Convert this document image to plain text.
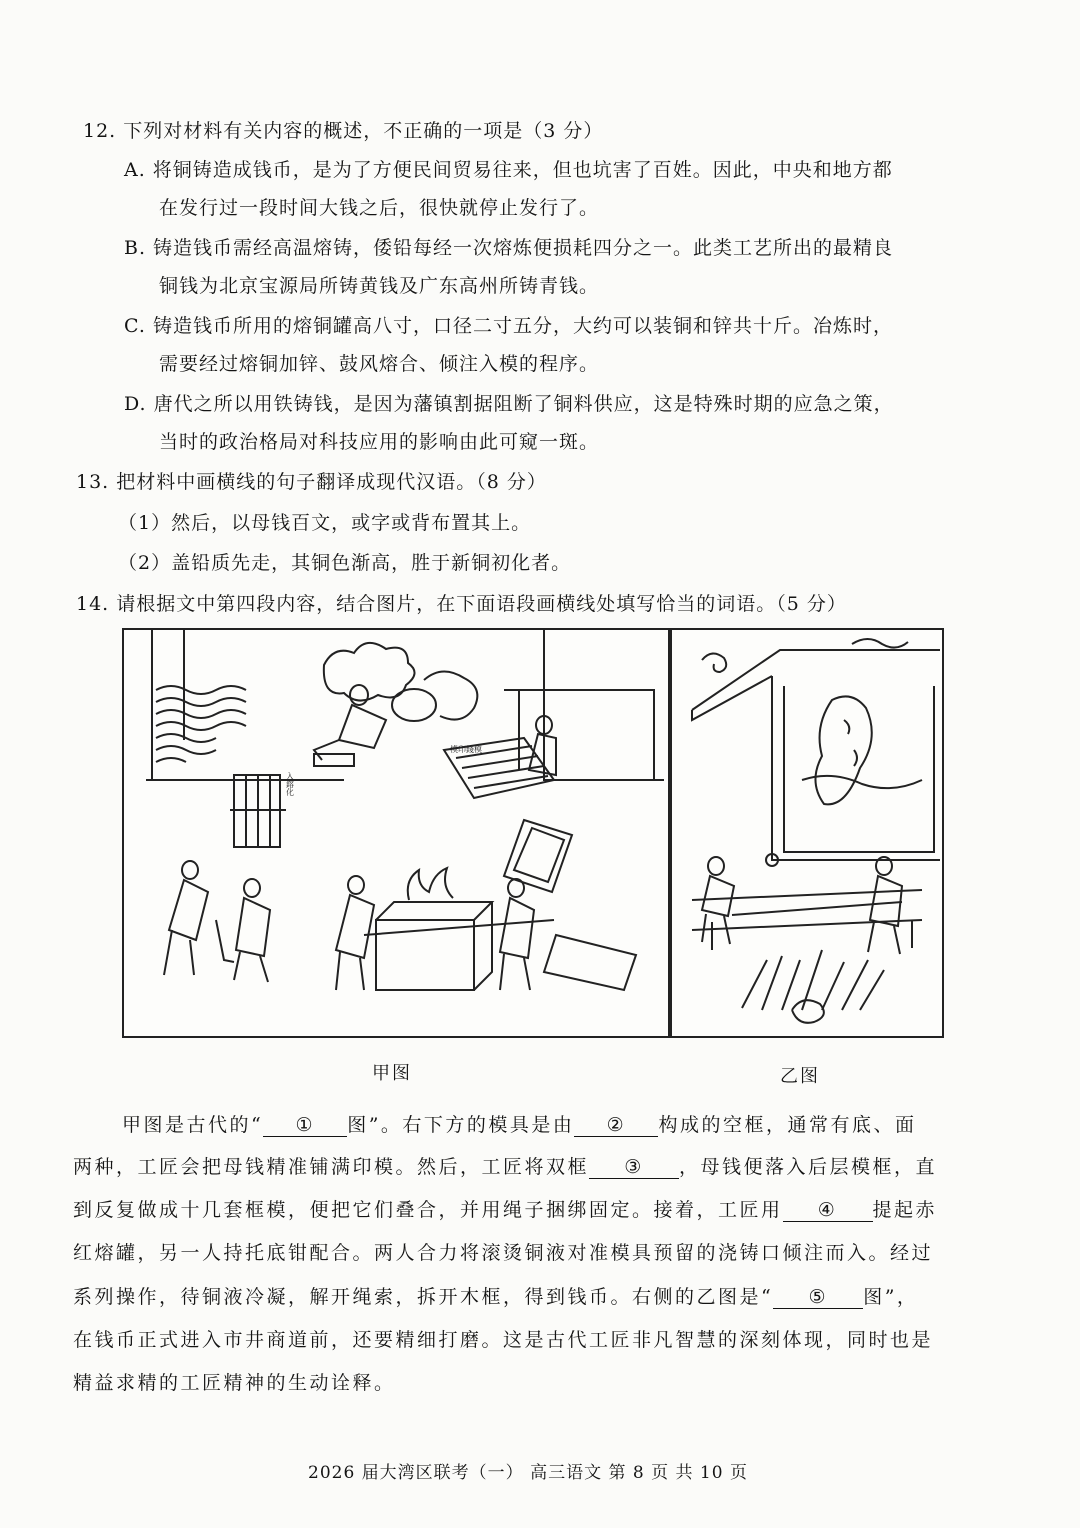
12. 下列对材料有关内容的概述，不正确的一项是（3 分）
A. 将铜铸造成钱币，是为了方便民间贸易往来，但也坑害了百姓。因此，中央和地方都
在发行过一段时间大钱之后，很快就停止发行了。
B. 铸造钱币需经高温熔铸，倭铅每经一次熔炼便损耗四分之一。此类工艺所出的最精良
铜钱为北京宝源局所铸黄钱及广东高州所铸青钱。
C. 铸造钱币所用的熔铜罐高八寸，口径二寸五分，大约可以装铜和锌共十斤。冶炼时，
需要经过熔铜加锌、鼓风熔合、倾注入模的程序。
D. 唐代之所以用铁铸钱，是因为藩镇割据阻断了铜料供应，这是特殊时期的应急之策，
当时的政治格局对科技应用的影响由此可窥一斑。
13. 把材料中画横线的句子翻译成现代汉语。（8 分）
（1）然后，以母钱百文，或字或背布置其上。
（2）盖铅质先走，其铜色渐高，胜于新铜初化者。
14. 请根据文中第四段内容，结合图片，在下面语段画横线处填写恰当的词语。（5 分）
入鎔化
模印錢模
甲图	乙图
甲图是古代的“ ① 图”。右下方的模具是由 ② 构成的空框，通常有底、面
两种，工匠会把母钱精准铺满印模。然后，工匠将双框 ③ ，母钱便落入后层模框，直
到反复做成十几套框模，便把它们叠合，并用绳子捆绑固定。接着，工匠用 ④ 提起赤
红熔罐，另一人持托底钳配合。两人合力将滚烫铜液对准模具预留的浇铸口倾注而入。经过
系列操作，待铜液冷凝，解开绳索，拆开木框，得到钱币。右侧的乙图是“ ⑤ 图”，
在钱币正式进入市井商道前，还要精细打磨。这是古代工匠非凡智慧的深刻体现，同时也是
精益求精的工匠精神的生动诠释。
2026 届大湾区联考（一） 高三语文 第 8 页 共 10 页
